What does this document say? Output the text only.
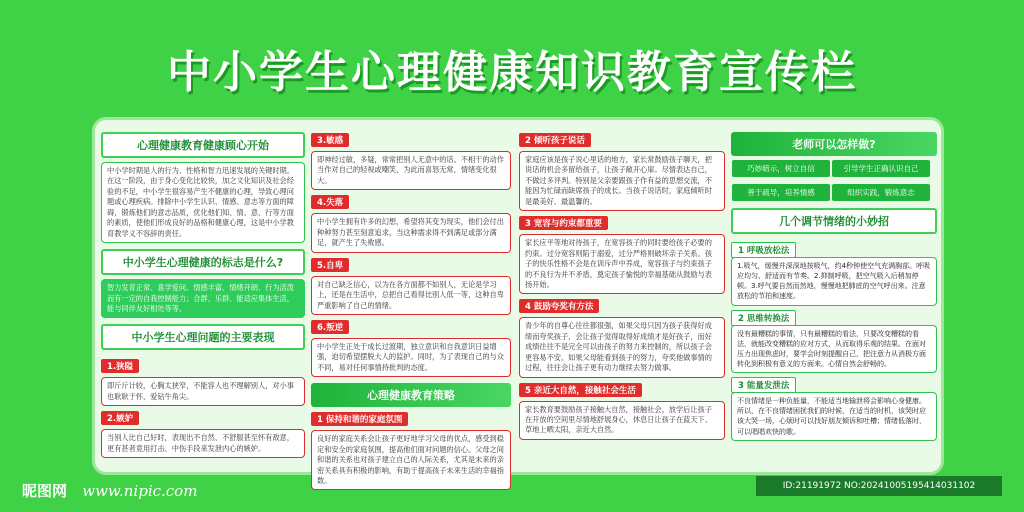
中小学生心理健康知识教育宣传栏
心理健康教育健康顾心开始
中小学时期是人的行为、性格和智力迅速发展的关键时期。在这一阶段，由于身心变化比较快，加之文化知识及社会经验的不足，中小学生很容易产生不健康的心理，导致心理问题或心理疾病。排除中小学生认识、情感、意志等方面的障碍，锻炼他们的意志品质，优化他们知、情、意、行等方面的素质，使他们形成良好的品格和健康心理，这是中小学教育教学义不容辞的责任。
中小学生心理健康的标志是什么?
智力发育正常、喜学爱问、情感丰富、情绪开朗、行为活泼而有一定的自我控制能力；合群、乐群、能适应集体生活，能与同伴友好相处等等。
中小学生心理问题的主要表现
1.狭隘
即斤斤计较，心胸太狭窄，不能容人也不理解别人，对小事也耿耿于怀，爱钻牛角尖。
2.嫉妒
当别人比自己好时，表现出不自然、不舒服甚至怀有敌意，更有甚者竟用打击、中伤手段来发泄内心的嫉妒。
3.敏感
即神经过敏，多疑，常常把别人无意中的话、不相干的动作当作对自己的轻视或嘲笑，为此而喜怒无常，情绪变化很大。
4.失落
中小学生拥有许多的幻想，希望将其变为现实，他们会付出种种努力甚至刻意追求，当这种需求得不到满足或部分满足，就产生了失败感。
5.自卑
对自己缺乏信心，以为在各方面都不如别人，无论是学习上，还是在生活中，总把自己看得比别人低一等，这种自卑严重影响了自己的情绪。
6.叛逆
中小学生正处于成长过渡期，独立意识和自我意识日益增强，迫切希望摆脱大人的监护。同时，为了表现自己的与众不同，易对任何事情持批判的态度。
心理健康教育策略
1 保持和谐的家庭氛围
良好的家庭关系会让孩子更好地学习父母的优点，感受到稳定和安全的家庭氛围，提高他们面对问题的信心。父母之间和谐的关系也对孩子建立自己的人际关系，尤其是未来的亲密关系具有积极的影响，有助于提高孩子未来生活的幸福指数。
2 倾听孩子说话
家庭应该是孩子说心里话的地方，家长常鼓励孩子聊天，把说话的机会多留给孩子，让孩子敞开心扉。尽情表达自己，不做过多评判。特别是父亲要跟孩子作有益的思想交流，不能因为忙碌而缺席孩子的成长。当孩子说话时，家庭倾听时是最美好、最温馨的。
3 宽容与约束都重要
家长应平等地对待孩子，在宽容孩子的同时要给孩子必要的约束。过分宽容则陷于溺爱，过分严格则破坏亲子关系。孩子的快乐性格不会是在训斥声中养成，宽容孩子与约束孩子的不良行为并不矛盾，奠定孩子愉悦的幸福基础从鼓励与表扬开始。
4 鼓励夸奖有方法
青少年的自尊心往往都很强，如果父母只因为孩子获得好成绩而夸奖孩子，会让孩子觉得取得好成绩才是好孩子，而好成绩往往不是完全可以由孩子的努力来控制的，所以孩子会更容易不安。如果父母能看到孩子的努力，夸奖他做事情的过程，往往会让孩子更有动力继续去努力做事。
5 亲近大自然，接触社会生活
家长教育要鼓励孩子接触大自然，接触社会。放学后让孩子在开放的空间里尽情地舒展身心，休息日让孩子在蓝天下、草地上晒太阳，亲近大自然。
老师可以怎样做?
巧妙暗示，树立自信	引导学生正确认识自己 善于疏导，培养情感	组织实践，锻炼意志
几个调节情绪的小妙招
1 呼吸放松法
1.吸气，缓慢并深深地按吸气，约4秒钟使空气充满胸部。呼吸应均匀、舒适而有节奏。2.抑制呼吸，把空气吸入后稍加停顿。3.呼气要自然而然地，慢慢地把肺底的空气呼出来。注意放松的节拍和速度。
2 思维转换法
没有最糟糕的事情，只有最糟糕的看法，只要改变糟糕的看法，就能改变糟糕的应对方式，从而取得乐观的结果。在面对压力出现焦虑时，要学会时刻提醒自己，把注意力从消极方面转化到积极有意义的方面来。心情自然会舒畅的。
3 能量发泄法
不良情绪是一种负能量，不能适当地输泄将会影响心身健康。所以，在不良情绪困扰我们的时候，在适当的时机，该哭时应该大哭一场，心烦时可以找好朋友倾诉和吐槽；情绪低落时，可以唱唱欢快的歌。
昵图网 www.nipic.com	ID:21191972 NO:20241005195414031102
